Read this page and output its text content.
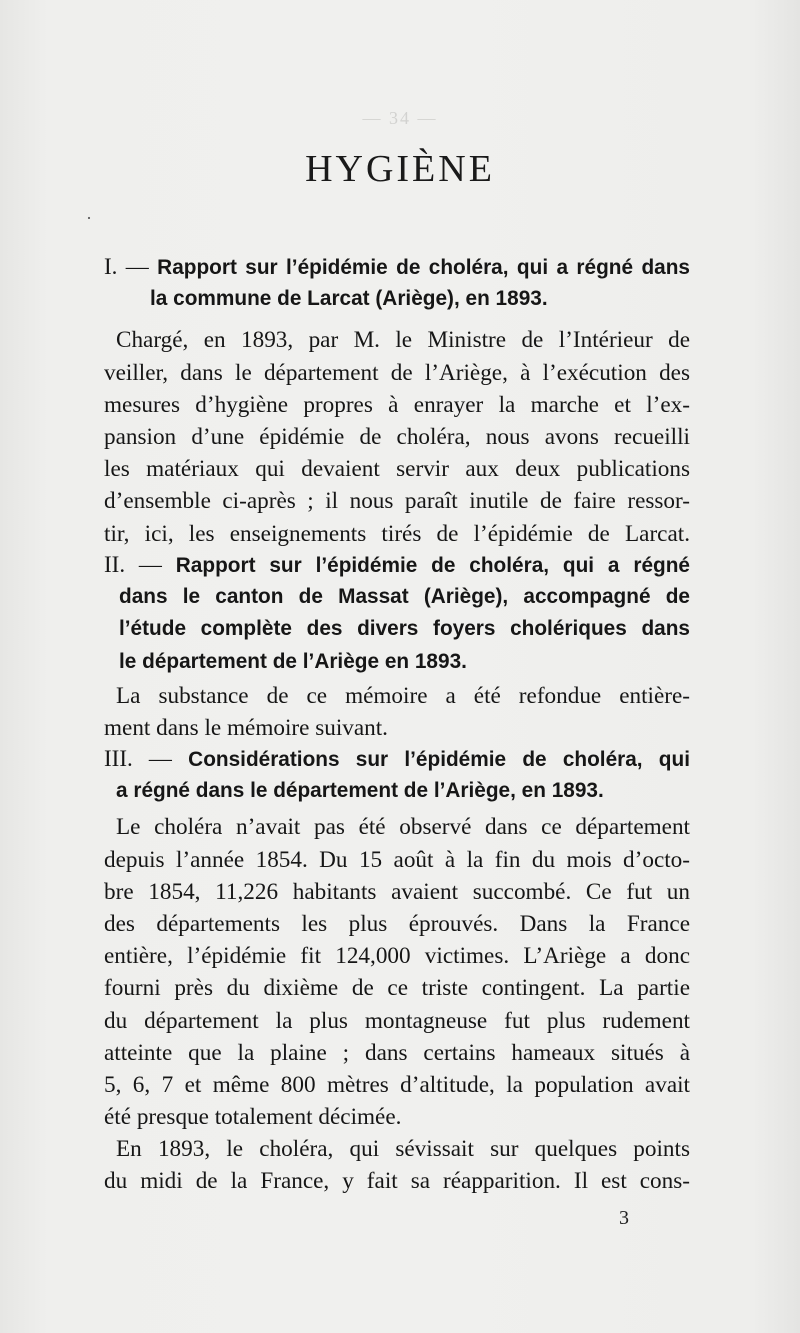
— 34 —
HYGIÈNE
·
I. — Rapport sur l’épidémie de choléra, qui a régné dans
la commune de Larcat (Ariège), en 1893.
Chargé, en 1893, par M. le Ministre de l’Intérieur de
veiller, dans le département de l’Ariège, à l’exécution des
mesures d’hygiène propres à enrayer la marche et l’ex-
pansion d’une épidémie de choléra, nous avons recueilli
les matériaux qui devaient servir aux deux publications
d’ensemble ci-après ; il nous paraît inutile de faire ressor-
tir, ici, les enseignements tirés de l’épidémie de Larcat.
II. — Rapport sur l’épidémie de choléra, qui a régné
dans le canton de Massat (Ariège), accompagné de
l’étude complète des divers foyers cholériques dans
le département de l’Ariège en 1893.
La substance de ce mémoire a été refondue entière-
ment dans le mémoire suivant.
III. — Considérations sur l’épidémie de choléra, qui
a régné dans le département de l’Ariège, en 1893.
Le choléra n’avait pas été observé dans ce département
depuis l’année 1854. Du 15 août à la fin du mois d’octo-
bre 1854, 11,226 habitants avaient succombé. Ce fut un
des départements les plus éprouvés. Dans la France
entière, l’épidémie fit 124,000 victimes. L’Ariège a donc
fourni près du dixième de ce triste contingent. La partie
du département la plus montagneuse fut plus rudement
atteinte que la plaine ; dans certains hameaux situés à
5, 6, 7 et même 800 mètres d’altitude, la population avait
été presque totalement décimée.
En 1893, le choléra, qui sévissait sur quelques points
du midi de la France, y fait sa réapparition. Il est cons-
3
